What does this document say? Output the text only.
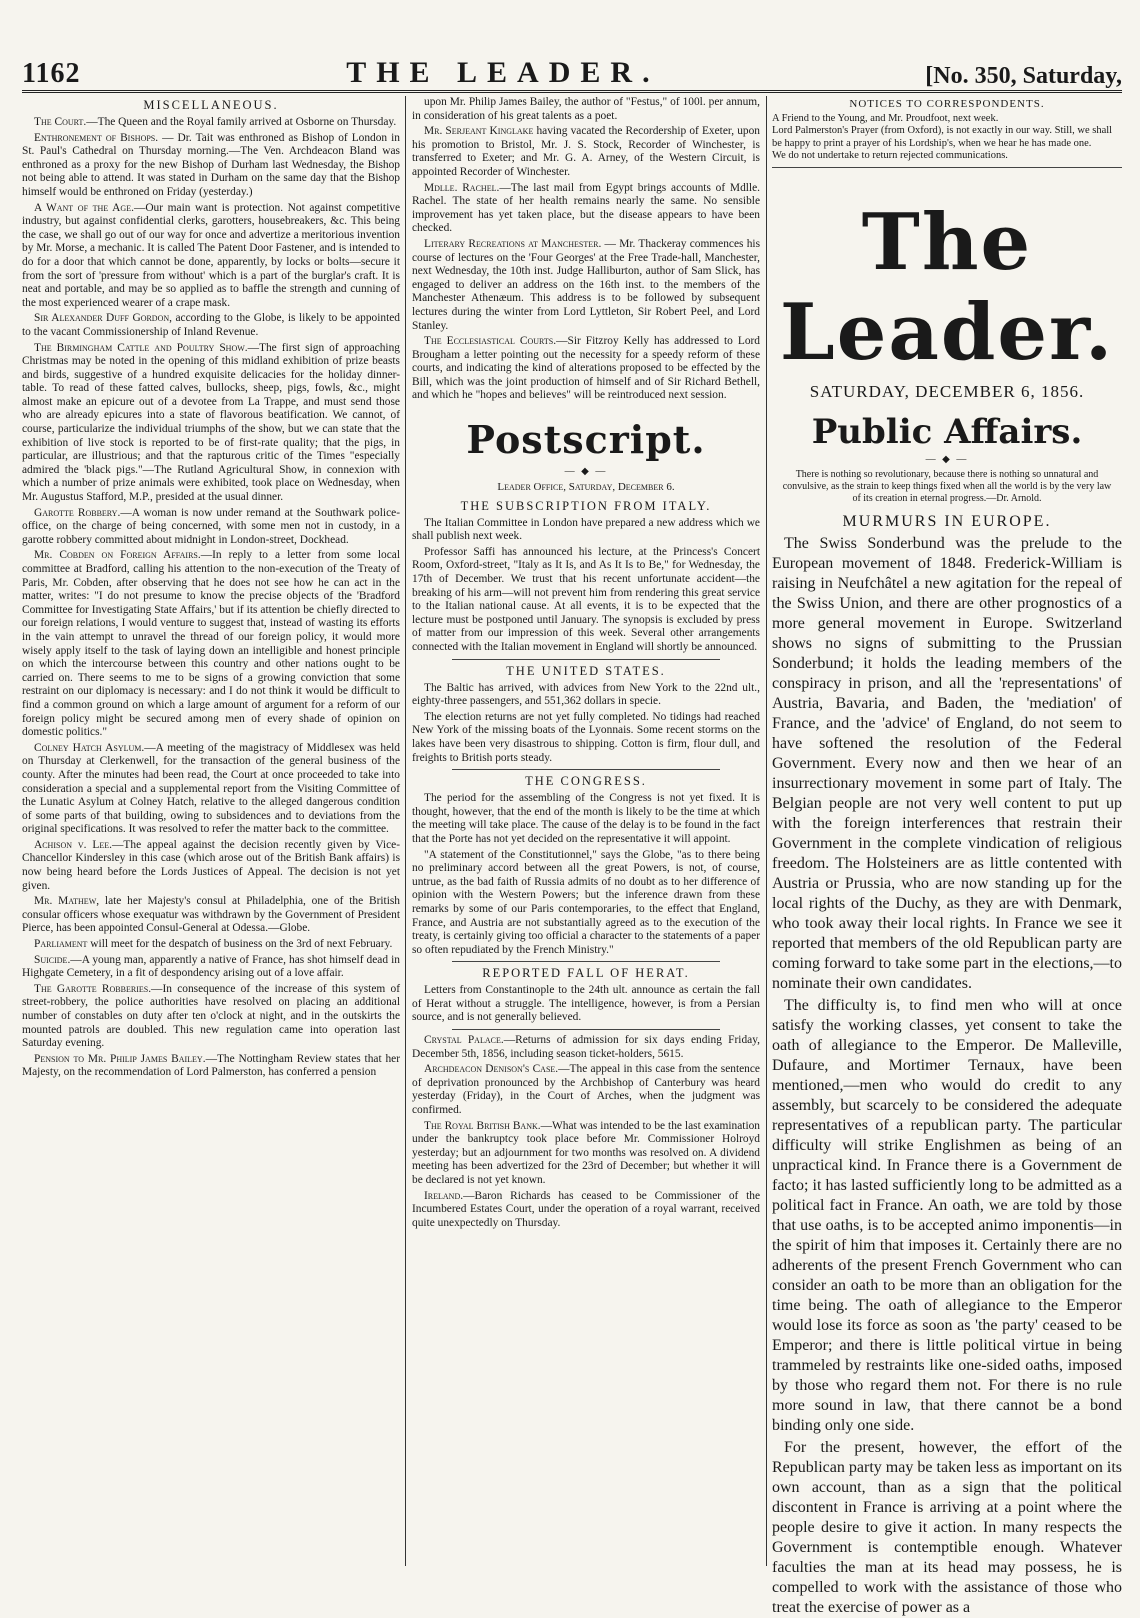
1162	THE LEADER.	[No. 350, Saturday,
MISCELLANEOUS.

The Court.—The Queen and the Royal family arrived at Osborne on Thursday.

Enthronement of Bishops. — Dr. Tait was enthroned as Bishop of London in St. Paul's Cathedral on Thursday morning.—The Ven. Archdeacon Bland was enthroned as a proxy for the new Bishop of Durham last Wednesday, the Bishop not being able to attend. It was stated in Durham on the same day that the Bishop himself would be enthroned on Friday (yesterday.)

A Want of the Age.—Our main want is protection. Not against competitive industry, but against confidential clerks, garotters, housebreakers, &c. This being the case, we shall go out of our way for once and advertize a meritorious invention by Mr. Morse, a mechanic. It is called The Patent Door Fastener, and is intended to do for a door that which cannot be done, apparently, by locks or bolts—secure it from the sort of 'pressure from without' which is a part of the burglar's craft. It is neat and portable, and may be so applied as to baffle the strength and cunning of the most experienced wearer of a crape mask.

Sir Alexander Duff Gordon, according to the Globe, is likely to be appointed to the vacant Commissionership of Inland Revenue.

The Birmingham Cattle and Poultry Show.—The first sign of approaching Christmas may be noted in the opening of this midland exhibition of prize beasts and birds, suggestive of a hundred exquisite delicacies for the holiday dinner-table. To read of these fatted calves, bullocks, sheep, pigs, fowls, &c., might almost make an epicure out of a devotee from La Trappe, and must send those who are already epicures into a state of flavorous beatification. We cannot, of course, particularize the individual triumphs of the show, but we can state that the exhibition of live stock is reported to be of first-rate quality; that the pigs, in particular, are illustrious; and that the rapturous critic of the Times "especially admired the 'black pigs."—The Rutland Agricultural Show, in connexion with which a number of prize animals were exhibited, took place on Wednesday, when Mr. Augustus Stafford, M.P., presided at the usual dinner.

Garotte Robbery.—A woman is now under remand at the Southwark police-office, on the charge of being concerned, with some men not in custody, in a garotte robbery committed about midnight in London-street, Dockhead.

Mr. Cobden on Foreign Affairs.—In reply to a letter from some local committee at Bradford, calling his attention to the non-execution of the Treaty of Paris, Mr. Cobden, after observing that he does not see how he can act in the matter, writes: "I do not presume to know the precise objects of the 'Bradford Committee for Investigating State Affairs,' but if its attention be chiefly directed to our foreign relations, I would venture to suggest that, instead of wasting its efforts in the vain attempt to unravel the thread of our foreign policy, it would more wisely apply itself to the task of laying down an intelligible and honest principle on which the intercourse between this country and other nations ought to be carried on. There seems to me to be signs of a growing conviction that some restraint on our diplomacy is necessary: and I do not think it would be difficult to find a common ground on which a large amount of argument for a reform of our foreign policy might be secured among men of every shade of opinion on domestic politics."

Colney Hatch Asylum.—A meeting of the magistracy of Middlesex was held on Thursday at Clerkenwell, for the transaction of the general business of the county. After the minutes had been read, the Court at once proceeded to take into consideration a special and a supplemental report from the Visiting Committee of the Lunatic Asylum at Colney Hatch, relative to the alleged dangerous condition of some parts of that building, owing to subsidences and to deviations from the original specifications. It was resolved to refer the matter back to the committee.

Achison v. Lee.—The appeal against the decision recently given by Vice-Chancellor Kindersley in this case (which arose out of the British Bank affairs) is now being heard before the Lords Justices of Appeal. The decision is not yet given.

Mr. Mathew, late her Majesty's consul at Philadelphia, one of the British consular officers whose exequatur was withdrawn by the Government of President Pierce, has been appointed Consul-General at Odessa.—Globe.

Parliament will meet for the despatch of business on the 3rd of next February.

Suicide.—A young man, apparently a native of France, has shot himself dead in Highgate Cemetery, in a fit of despondency arising out of a love affair.

The Garotte Robberies.—In consequence of the increase of this system of street-robbery, the police authorities have resolved on placing an additional number of constables on duty after ten o'clock at night, and in the outskirts the mounted patrols are doubled. This new regulation came into operation last Saturday evening.

Pension to Mr. Philip James Bailey.—The Nottingham Review states that her Majesty, on the recommendation of Lord Palmerston, has conferred a pension

upon Mr. Philip James Bailey, the author of "Festus," of 100l. per annum, in consideration of his great talents as a poet.

Mr. Serjeant Kinglake having vacated the Recordership of Exeter, upon his promotion to Bristol, Mr. J. S. Stock, Recorder of Winchester, is transferred to Exeter; and Mr. G. A. Arney, of the Western Circuit, is appointed Recorder of Winchester.

Mdlle. Rachel.—The last mail from Egypt brings accounts of Mdlle. Rachel. The state of her health remains nearly the same. No sensible improvement has yet taken place, but the disease appears to have been checked.

Literary Recreations at Manchester. — Mr. Thackeray commences his course of lectures on the 'Four Georges' at the Free Trade-hall, Manchester, next Wednesday, the 10th inst. Judge Halliburton, author of Sam Slick, has engaged to deliver an address on the 16th inst. to the members of the Manchester Athenæum. This address is to be followed by subsequent lectures during the winter from Lord Lyttleton, Sir Robert Peel, and Lord Stanley.

The Ecclesiastical Courts.—Sir Fitzroy Kelly has addressed to Lord Brougham a letter pointing out the necessity for a speedy reform of these courts, and indicating the kind of alterations proposed to be effected by the Bill, which was the joint production of himself and of Sir Richard Bethell, and which he "hopes and believes" will be reintroduced next session.

Postscript.
— ◆ —

Leader Office, Saturday, December 6.

THE SUBSCRIPTION FROM ITALY.

The Italian Committee in London have prepared a new address which we shall publish next week.

Professor Saffi has announced his lecture, at the Princess's Concert Room, Oxford-street, "Italy as It Is, and As It Is to Be," for Wednesday, the 17th of December. We trust that his recent unfortunate accident—the breaking of his arm—will not prevent him from rendering this great service to the Italian national cause. At all events, it is to be expected that the lecture must be postponed until January. The synopsis is excluded by press of matter from our impression of this week. Several other arrangements connected with the Italian movement in England will shortly be announced.

THE UNITED STATES.

The Baltic has arrived, with advices from New York to the 22nd ult., eighty-three passengers, and 551,362 dollars in specie.

The election returns are not yet fully completed. No tidings had reached New York of the missing boats of the Lyonnais. Some recent storms on the lakes have been very disastrous to shipping. Cotton is firm, flour dull, and freights to British ports steady.

THE CONGRESS.

The period for the assembling of the Congress is not yet fixed. It is thought, however, that the end of the month is likely to be the time at which the meeting will take place. The cause of the delay is to be found in the fact that the Porte has not yet decided on the representative it will appoint.

"A statement of the Constitutionnel," says the Globe, "as to there being no preliminary accord between all the great Powers, is not, of course, untrue, as the bad faith of Russia admits of no doubt as to her difference of opinion with the Western Powers; but the inference drawn from these remarks by some of our Paris contemporaries, to the effect that England, France, and Austria are not substantially agreed as to the execution of the treaty, is certainly giving too official a character to the statements of a paper so often repudiated by the French Ministry."

REPORTED FALL OF HERAT.

Letters from Constantinople to the 24th ult. announce as certain the fall of Herat without a struggle. The intelligence, however, is from a Persian source, and is not generally believed.

Crystal Palace.—Returns of admission for six days ending Friday, December 5th, 1856, including season ticket-holders, 5615.

Archdeacon Denison's Case.—The appeal in this case from the sentence of deprivation pronounced by the Archbishop of Canterbury was heard yesterday (Friday), in the Court of Arches, when the judgment was confirmed.

The Royal British Bank.—What was intended to be the last examination under the bankruptcy took place before Mr. Commissioner Holroyd yesterday; but an adjournment for two months was resolved on. A dividend meeting has been advertized for the 23rd of December; but whether it will be declared is not yet known.

Ireland.—Baron Richards has ceased to be Commissioner of the Incumbered Estates Court, under the operation of a royal warrant, received quite unexpectedly on Thursday.

NOTICES TO CORRESPONDENTS.
A Friend to the Young, and Mr. Proudfoot, next week.
Lord Palmerston's Prayer (from Oxford), is not exactly in our way. Still, we shall be happy to print a prayer of his Lordship's, when we hear he has made one.
We do not undertake to return rejected communications.
The Leader.
SATURDAY, DECEMBER 6, 1856.
Public Affairs.
— ◆ —
There is nothing so revolutionary, because there is nothing so unnatural and convulsive, as the strain to keep things fixed when all the world is by the very law of its creation in eternal progress.—Dr. Arnold.
MURMURS IN EUROPE.

The Swiss Sonderbund was the prelude to the European movement of 1848. Frederick-William is raising in Neufchâtel a new agitation for the repeal of the Swiss Union, and there are other prognostics of a more general movement in Europe. Switzerland shows no signs of submitting to the Prussian Sonderbund; it holds the leading members of the conspiracy in prison, and all the 'representations' of Austria, Bavaria, and Baden, the 'mediation' of France, and the 'advice' of England, do not seem to have softened the resolution of the Federal Government. Every now and then we hear of an insurrectionary movement in some part of Italy. The Belgian people are not very well content to put up with the foreign interferences that restrain their Government in the complete vindication of religious freedom. The Holsteiners are as little contented with Austria or Prussia, who are now standing up for the local rights of the Duchy, as they are with Denmark, who took away their local rights. In France we see it reported that members of the old Republican party are coming forward to take some part in the elections,—to nominate their own candidates.

The difficulty is, to find men who will at once satisfy the working classes, yet consent to take the oath of allegiance to the Emperor. De Malleville, Dufaure, and Mortimer Ternaux, have been mentioned,—men who would do credit to any assembly, but scarcely to be considered the adequate representatives of a republican party. The particular difficulty will strike Englishmen as being of an unpractical kind. In France there is a Government de facto; it has lasted sufficiently long to be admitted as a political fact in France. An oath, we are told by those that use oaths, is to be accepted animo imponentis—in the spirit of him that imposes it. Certainly there are no adherents of the present French Government who can consider an oath to be more than an obligation for the time being. The oath of allegiance to the Emperor would lose its force as soon as 'the party' ceased to be Emperor; and there is little political virtue in being trammeled by restraints like one-sided oaths, imposed by those who regard them not. For there is no rule more sound in law, that there cannot be a bond binding only one side.

For the present, however, the effort of the Republican party may be taken less as important on its own account, than as a sign that the political discontent in France is arriving at a point where the people desire to give it action. In many respects the Government is contemptible enough. Whatever faculties the man at its head may possess, he is compelled to work with the assistance of those who treat the exercise of power as a
